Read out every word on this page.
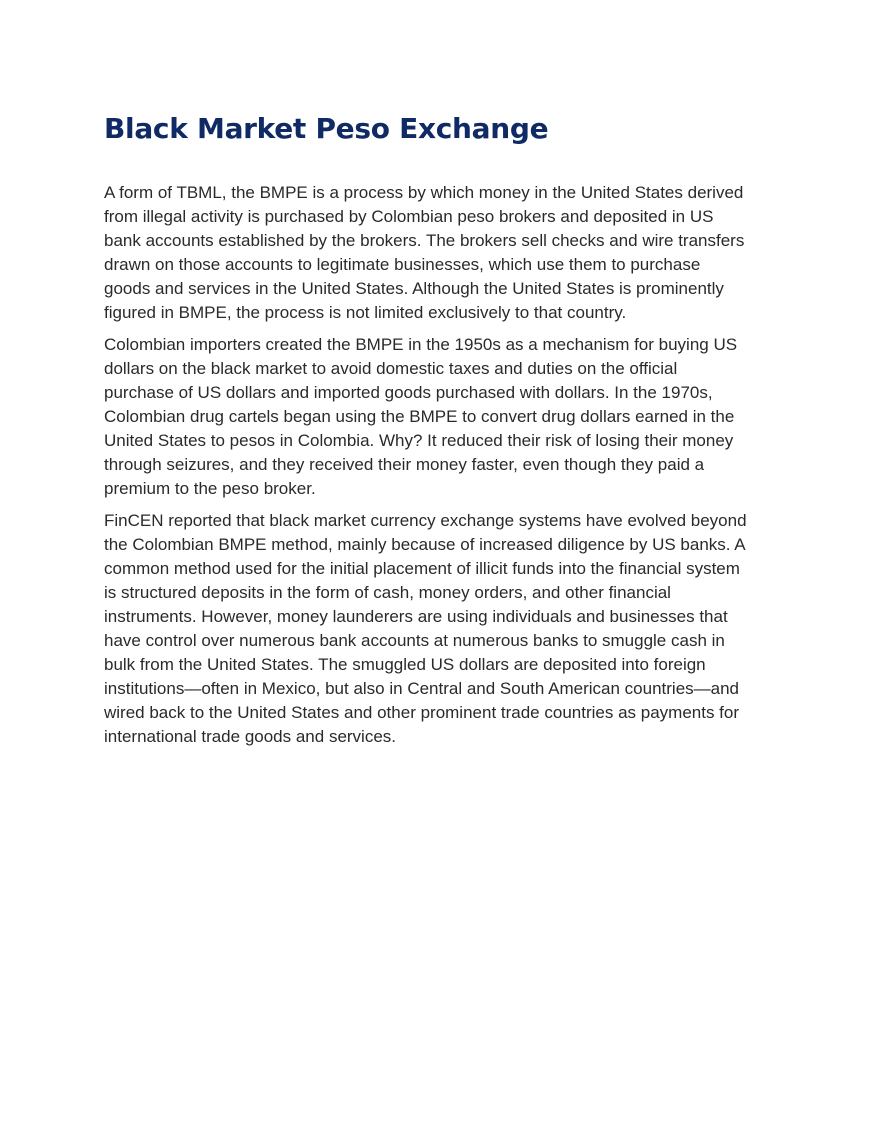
Black Market Peso Exchange

A form of TBML, the BMPE is a process by which money in the United States derived from illegal activity is purchased by Colombian peso brokers and deposited in US bank accounts established by the brokers. The brokers sell checks and wire transfers drawn on those accounts to legitimate businesses, which use them to purchase goods and services in the United States. Although the United States is prominently figured in BMPE, the process is not limited exclusively to that country.

Colombian importers created the BMPE in the 1950s as a mechanism for buying US dollars on the black market to avoid domestic taxes and duties on the official purchase of US dollars and imported goods purchased with dollars. In the 1970s, Colombian drug cartels began using the BMPE to convert drug dollars earned in the United States to pesos in Colombia. Why? It reduced their risk of losing their money through seizures, and they received their money faster, even though they paid a premium to the peso broker.

FinCEN reported that black market currency exchange systems have evolved beyond the Colombian BMPE method, mainly because of increased diligence by US banks. A common method used for the initial placement of illicit funds into the financial system is structured deposits in the form of cash, money orders, and other financial instruments. However, money launderers are using individuals and businesses that have control over numerous bank accounts at numerous banks to smuggle cash in bulk from the United States. The smuggled US dollars are deposited into foreign institutions—often in Mexico, but also in Central and South American countries—and wired back to the United States and other prominent trade countries as payments for international trade goods and services.
